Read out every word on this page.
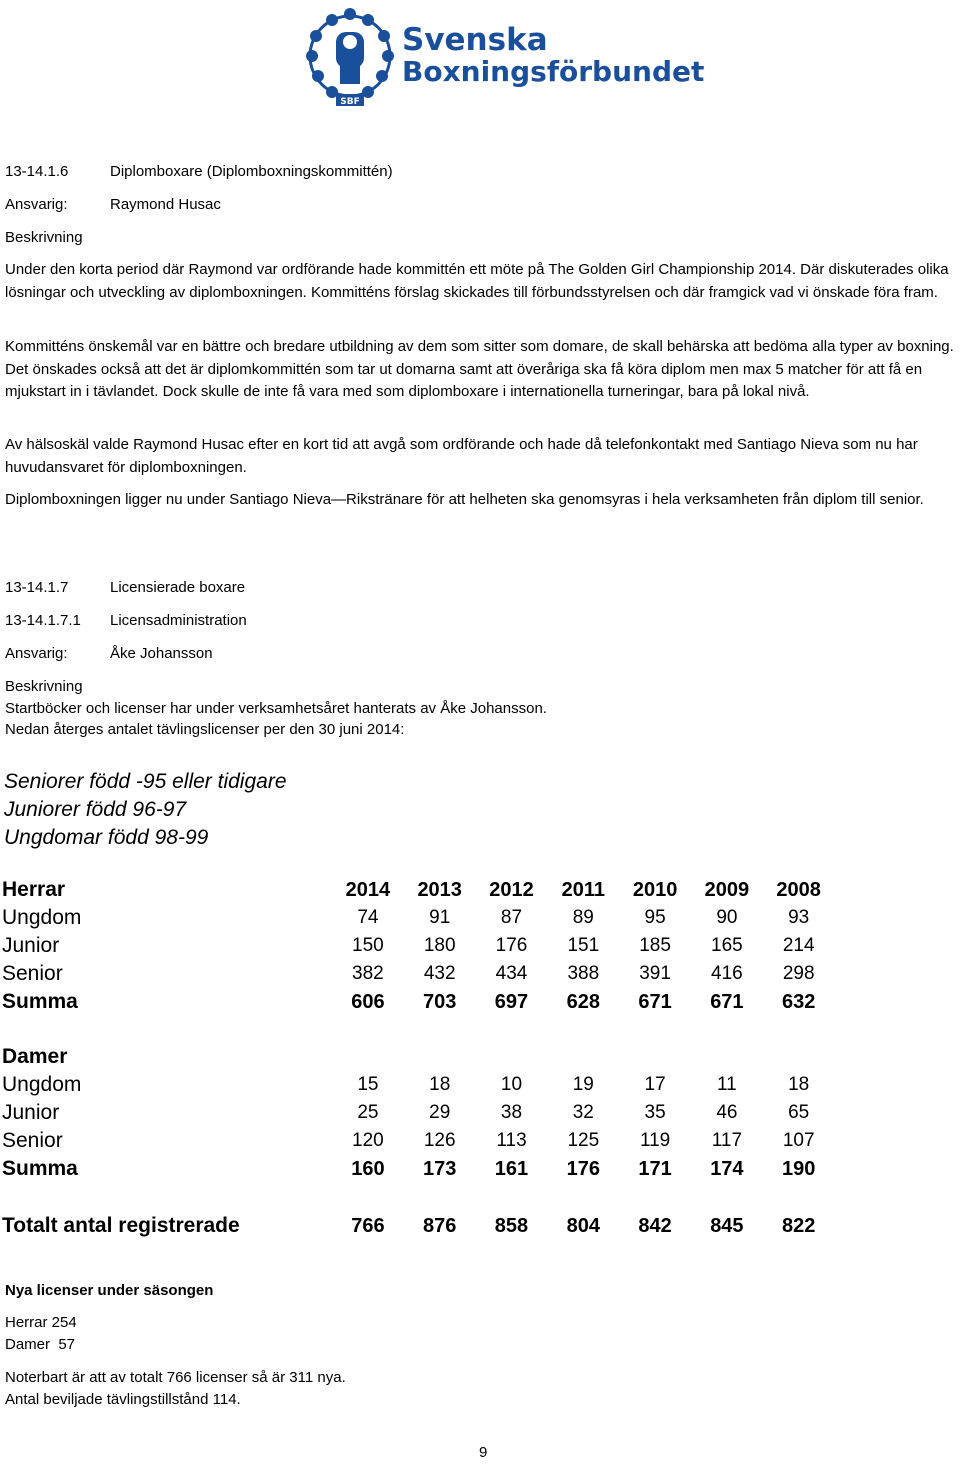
SBF
Svenska
Boxningsförbundet
13-14.1.6	Diplomboxare (Diplomboxningskommittén)
Ansvarig:	Raymond Husac
Beskrivning
Under den korta period där Raymond var ordförande hade kommittén ett möte på The Golden Girl Championship 2014. Där diskuterades olika lösningar och utveckling av diplomboxningen. Kommitténs förslag skickades till förbundsstyrelsen och där framgick vad vi önskade föra fram.
Kommitténs önskemål var en bättre och bredare utbildning av dem som sitter som domare, de skall behärska att bedöma alla typer av boxning. Det önskades också att det är diplomkommittén som tar ut domarna samt att överåriga ska få köra diplom men max 5 matcher för att få en mjukstart in i tävlandet. Dock skulle de inte få vara med som diplomboxare i internationella turneringar, bara på lokal nivå.
Av hälsoskäl valde Raymond Husac efter en kort tid att avgå som ordförande och hade då telefonkontakt med Santiago Nieva som nu har huvudansvaret för diplomboxningen.
Diplomboxningen ligger nu under Santiago Nieva—Rikstränare för att helheten ska genomsyras i hela verksamheten från diplom till senior.
13-14.1.7	Licensierade boxare
13-14.1.7.1 Licensadministration
Ansvarig:	Åke Johansson
Beskrivning
Startböcker och licenser har under verksamhetsåret hanterats av Åke Johansson.
Nedan återges antalet tävlingslicenser per den 30 juni 2014:
Seniorer född -95 eller tidigare
Juniorer född 96-97
Ungdomar född 98-99
Herrar	2014	2013	2012	2011	2010	2009	2008
Ungdom	74	91	87	89	95	90	93
Junior	150	180	176	151	185	165	214
Senior	382	432	434	388	391	416	298
Summa	606	703	697	628	671	671	632

Damer							
Ungdom	15	18	10	19	17	11	18
Junior	25	29	38	32	35	46	65
Senior	120	126	113	125	119	117	107
Summa	160	173	161	176	171	174	190

Totalt antal registrerade	766	876	858	804	842	845	822
Nya licenser under säsongen
Herrar 254
Damer  57
Noterbart är att av totalt 766 licenser så är 311 nya.
Antal beviljade tävlingstillstånd 114.
9
